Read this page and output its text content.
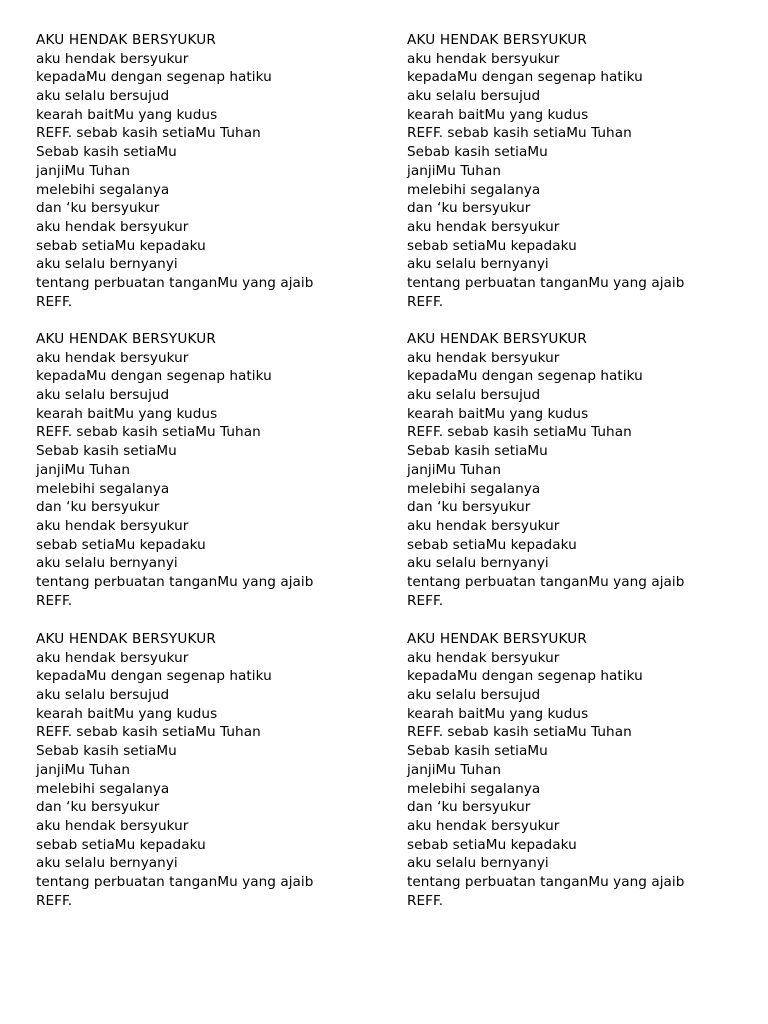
AKU HENDAK BERSYUKUR
aku hendak bersyukur
kepadaMu dengan segenap hatiku
aku selalu bersujud
kearah baitMu yang kudus
REFF. sebab kasih setiaMu Tuhan
Sebab kasih setiaMu
janjiMu Tuhan
melebihi segalanya
dan ‘ku bersyukur
aku hendak bersyukur
sebab setiaMu kepadaku
aku selalu bernyanyi
tentang perbuatan tanganMu yang ajaib
REFF.
AKU HENDAK BERSYUKUR
aku hendak bersyukur
kepadaMu dengan segenap hatiku
aku selalu bersujud
kearah baitMu yang kudus
REFF. sebab kasih setiaMu Tuhan
Sebab kasih setiaMu
janjiMu Tuhan
melebihi segalanya
dan ‘ku bersyukur
aku hendak bersyukur
sebab setiaMu kepadaku
aku selalu bernyanyi
tentang perbuatan tanganMu yang ajaib
REFF.
AKU HENDAK BERSYUKUR
aku hendak bersyukur
kepadaMu dengan segenap hatiku
aku selalu bersujud
kearah baitMu yang kudus
REFF. sebab kasih setiaMu Tuhan
Sebab kasih setiaMu
janjiMu Tuhan
melebihi segalanya
dan ‘ku bersyukur
aku hendak bersyukur
sebab setiaMu kepadaku
aku selalu bernyanyi
tentang perbuatan tanganMu yang ajaib
REFF.
AKU HENDAK BERSYUKUR
aku hendak bersyukur
kepadaMu dengan segenap hatiku
aku selalu bersujud
kearah baitMu yang kudus
REFF. sebab kasih setiaMu Tuhan
Sebab kasih setiaMu
janjiMu Tuhan
melebihi segalanya
dan ‘ku bersyukur
aku hendak bersyukur
sebab setiaMu kepadaku
aku selalu bernyanyi
tentang perbuatan tanganMu yang ajaib
REFF.
AKU HENDAK BERSYUKUR
aku hendak bersyukur
kepadaMu dengan segenap hatiku
aku selalu bersujud
kearah baitMu yang kudus
REFF. sebab kasih setiaMu Tuhan
Sebab kasih setiaMu
janjiMu Tuhan
melebihi segalanya
dan ‘ku bersyukur
aku hendak bersyukur
sebab setiaMu kepadaku
aku selalu bernyanyi
tentang perbuatan tanganMu yang ajaib
REFF.
AKU HENDAK BERSYUKUR
aku hendak bersyukur
kepadaMu dengan segenap hatiku
aku selalu bersujud
kearah baitMu yang kudus
REFF. sebab kasih setiaMu Tuhan
Sebab kasih setiaMu
janjiMu Tuhan
melebihi segalanya
dan ‘ku bersyukur
aku hendak bersyukur
sebab setiaMu kepadaku
aku selalu bernyanyi
tentang perbuatan tanganMu yang ajaib
REFF.
